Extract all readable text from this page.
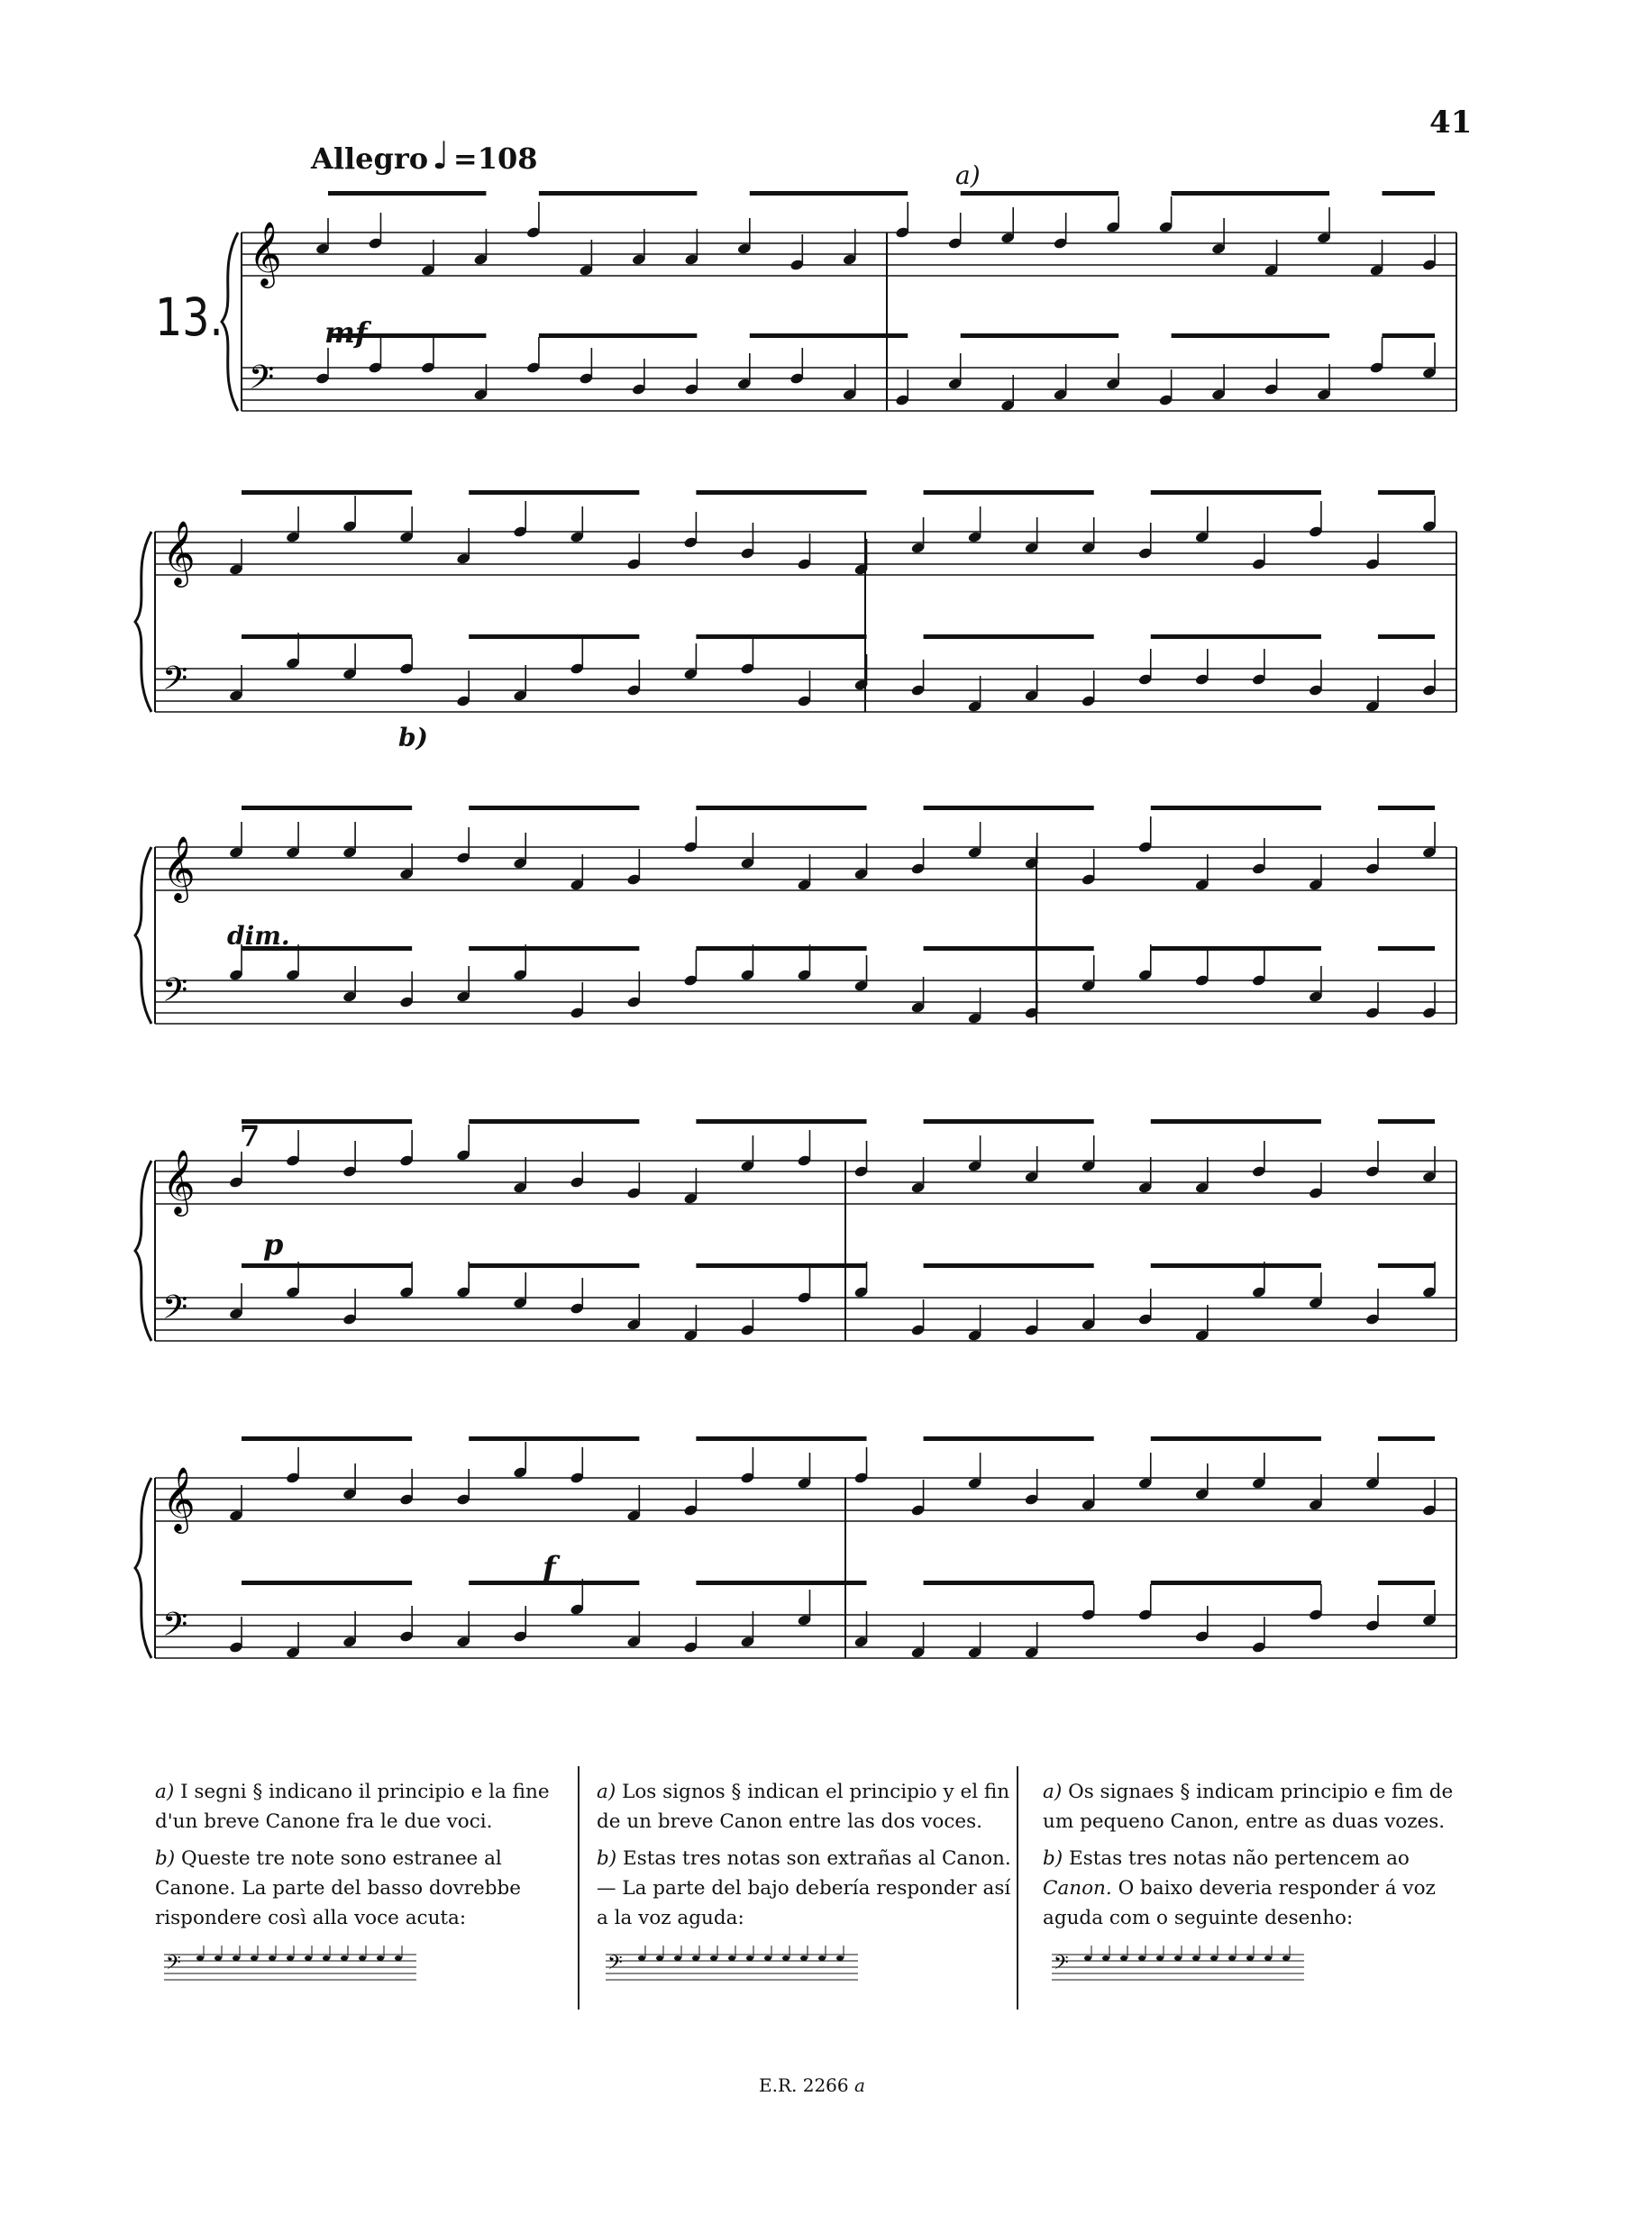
41
Allegro ♩ =108
13.
𝄞
𝄢
𝄞
𝄢
𝄞
𝄢
𝄞
𝄢
𝄞
𝄢
mf
dim.
p
f
a)
b)
7

a) I segni § indicano il principio e la fine d'un breve Canone fra le due voci.

b) Queste tre note sono estranee al Canone. La parte del basso dovrebbe rispondere così alla voce acuta:

𝄢

a) Los signos § indican el principio y el fin de un breve Canon entre las dos voces.

b) Estas tres notas son extrañas al Canon. — La parte del bajo debería responder así a la voz aguda:

𝄢

a) Os signaes § indicam principio e fim de um pequeno Canon, entre as duas vozes.

b) Estas tres notas não pertencem ao Canon. O baixo deveria responder á voz aguda com o seguinte desenho:

𝄢
E.R. 2266 a
